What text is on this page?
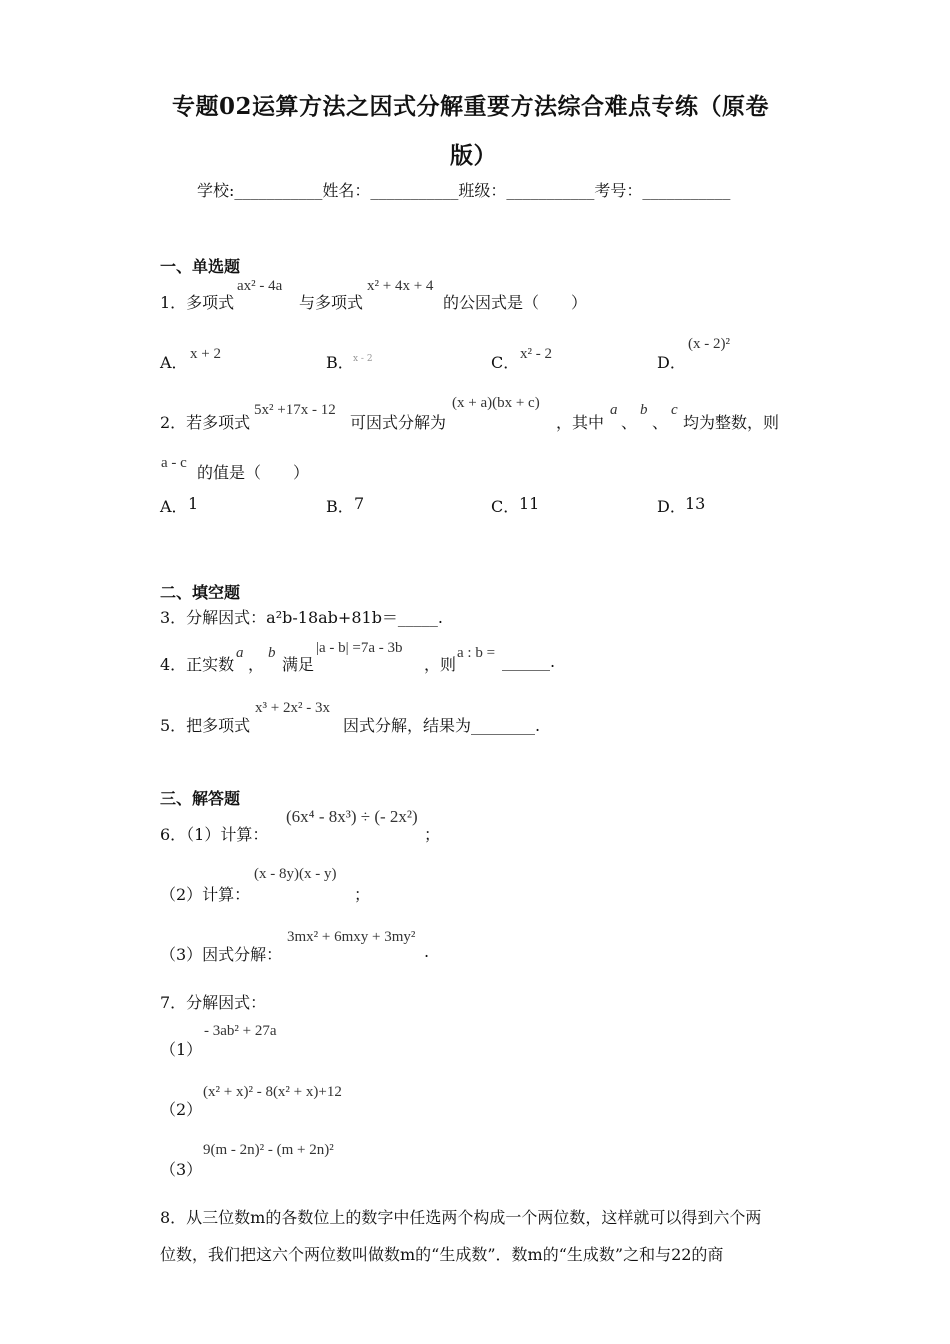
专题02运算方法之因式分解重要方法综合难点专练（原卷
版）
学校:___________姓名：___________班级：___________考号：___________
一、单选题
1．多项式
ax² - 4a
与多项式
x² + 4x + 4
的公因式是（　　）
A． x + 2	B． x - 2	C． x² - 2	D．
(x - 2)²
2．若多项式
5x² +17x - 12
可因式分解为
(x + a)(bx + c)
，其中
a
、
b
、
c
均为整数，则
a - c 的值是（　　）
A． 1	B． 7	C． 11	D． 13
二、填空题
3．分解因式：a²b-18ab+81b＝_____.
4．正实数
a
，
b
满足
|a - b| =7a - 3b
，则
a : b = ______.
5．把多项式
x³ + 2x² - 3x
因式分解，结果为________.
三、解答题
6．（1）计算：
(6x⁴ - 8x³) ÷ (- 2x²)
；
（2）计算：
(x - 8y)(x - y)
；
（3）因式分解：
3mx² + 6mxy + 3my²
.
7．分解因式：
（1）
- 3ab² + 27a
（2）
(x² + x)² - 8(x² + x)+12
（3）
9(m - 2n)² - (m + 2n)²
8．从三位数m的各数位上的数字中任选两个构成一个两位数，这样就可以得到六个两
位数，我们把这六个两位数叫做数m的“生成数”．数m的“生成数”之和与22的商
